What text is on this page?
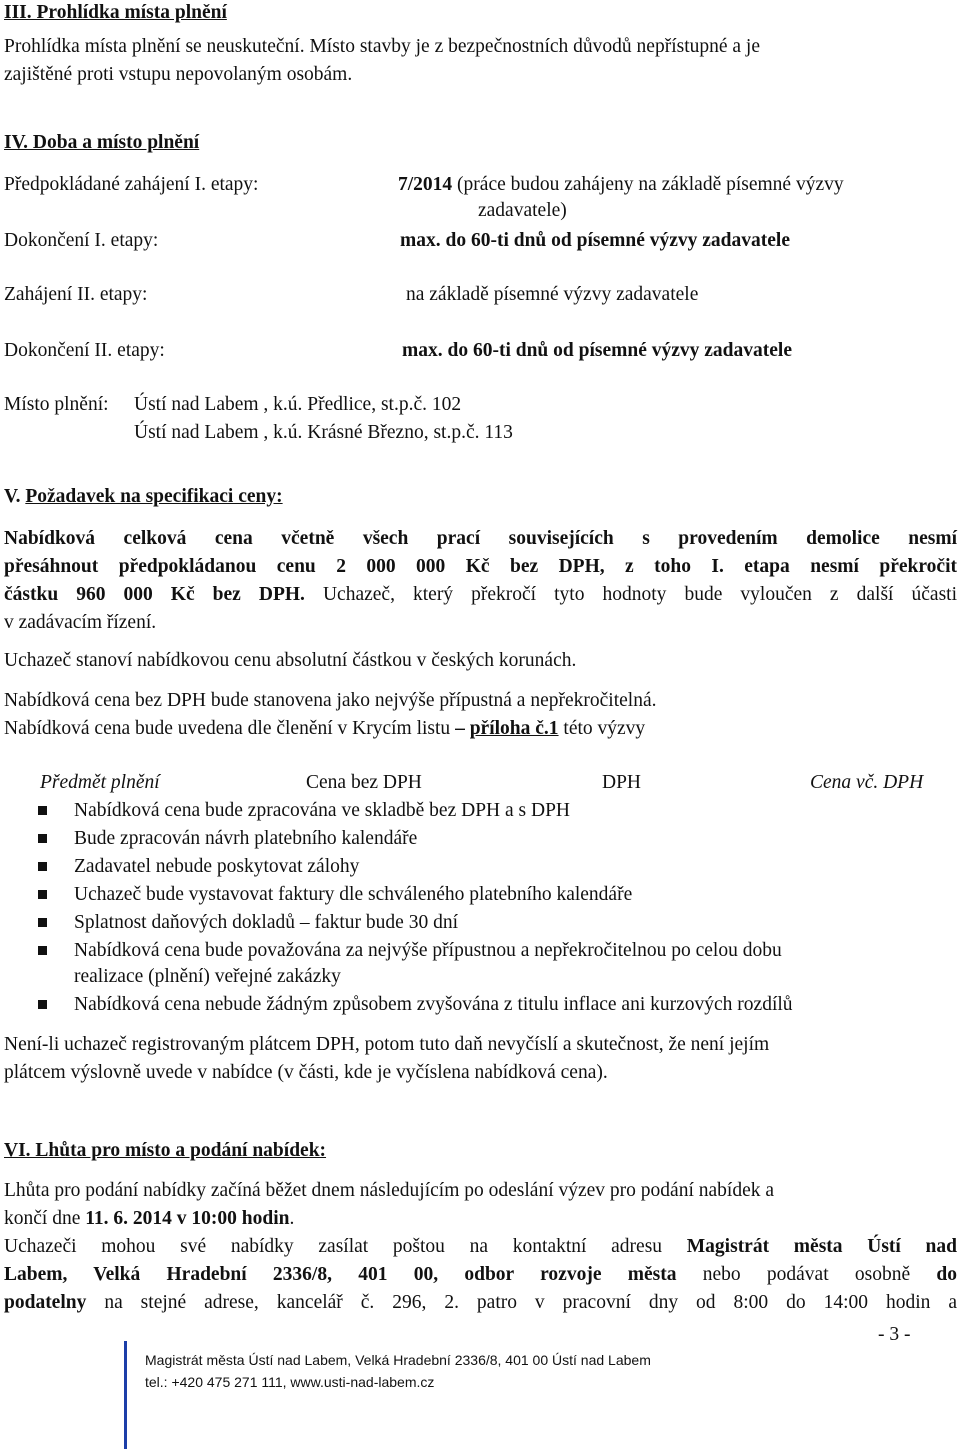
III. Prohlídka místa plnění
Prohlídka místa plnění se neuskuteční. Místo stavby je z bezpečnostních důvodů nepřístupné a je
zajištěné proti vstupu nepovolaným osobám.
IV. Doba a místo plnění
Předpokládané zahájení I. etapy:	7/2014 (práce budou zahájeny na základě písemné výzvy
zadavatele)
Dokončení I. etapy:	max. do 60-ti dnů od písemné výzvy zadavatele
Zahájení II. etapy:	na základě písemné výzvy zadavatele
Dokončení II. etapy:	max. do 60-ti dnů od písemné výzvy zadavatele
Místo plnění: Ústí nad Labem , k.ú. Předlice, st.p.č. 102
Ústí nad Labem , k.ú. Krásné Březno, st.p.č. 113
V. Požadavek na specifikaci ceny:
Nabídková celková cena včetně všech prací souvisejících s provedením demolice nesmí
přesáhnout předpokládanou cenu 2 000 000 Kč bez DPH, z toho I. etapa nesmí překročit
částku 960 000 Kč bez DPH. Uchazeč, který překročí tyto hodnoty bude vyloučen z další účasti
v zadávacím řízení.
Uchazeč stanoví nabídkovou cenu absolutní částkou v českých korunách.
Nabídková cena bez DPH bude stanovena jako nejvýše přípustná a nepřekročitelná.
Nabídková cena bude uvedena dle členění v Krycím listu – příloha č.1 této výzvy
Předmět plnění	Cena bez DPH	DPH	Cena vč. DPH
Nabídková cena bude zpracována ve skladbě bez DPH a s DPH
Bude zpracován návrh platebního kalendáře
Zadavatel nebude poskytovat zálohy
Uchazeč bude vystavovat faktury dle schváleného platebního kalendáře
Splatnost daňových dokladů – faktur bude 30 dní
Nabídková cena bude považována za nejvýše přípustnou a nepřekročitelnou po celou dobu
realizace (plnění) veřejné zakázky
Nabídková cena nebude žádným způsobem zvyšována z titulu inflace ani kurzových rozdílů
Není-li uchazeč registrovaným plátcem DPH, potom tuto daň nevyčíslí a skutečnost, že není jejím
plátcem výslovně uvede v nabídce (v části, kde je vyčíslena nabídková cena).
VI. Lhůta pro místo a podání nabídek:
Lhůta pro podání nabídky začíná běžet dnem následujícím po odeslání výzev pro podání nabídek a
končí dne 11. 6. 2014 v 10:00 hodin.
Uchazeči mohou své nabídky zasílat poštou na kontaktní adresu Magistrát města Ústí nad
Labem, Velká Hradební 2336/8, 401 00, odbor rozvoje města nebo podávat osobně do
podatelny na stejné adrese, kancelář č. 296, 2. patro v pracovní dny od 8:00 do 14:00 hodin a
- 3 -
Magistrát města Ústí nad Labem, Velká Hradební 2336/8, 401 00 Ústí nad Labem
tel.: +420 475 271 111, www.usti-nad-labem.cz
